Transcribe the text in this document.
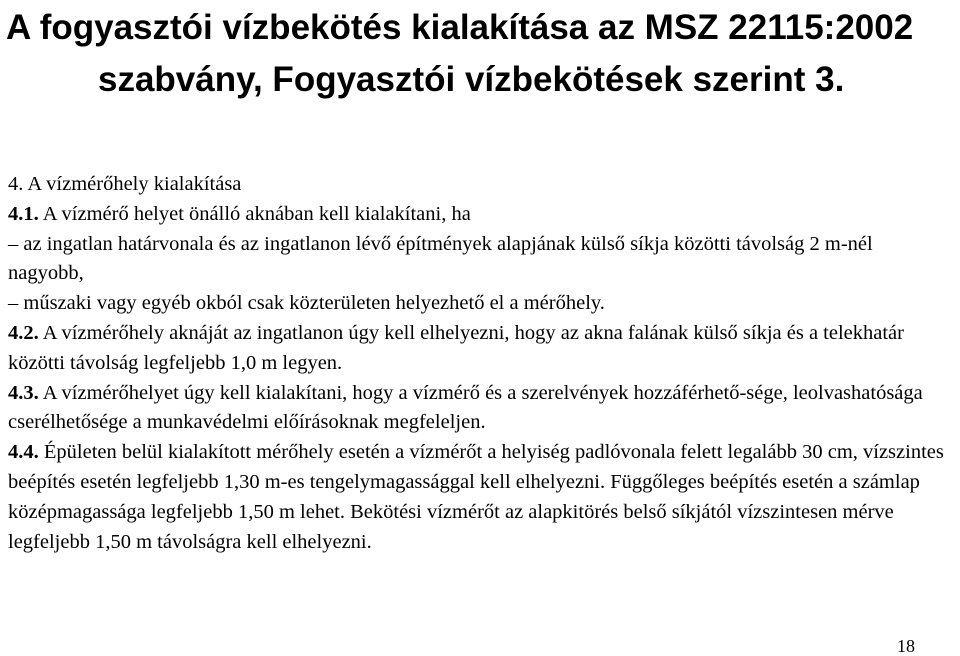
A fogyasztói vízbekötés kialakítása az MSZ 22115:2002
szabvány, Fogyasztói vízbekötések szerint 3.

4. A vízmérőhely kialakítása

4.1. A vízmérő helyet önálló aknában kell kialakítani, ha

– az ingatlan határvonala és az ingatlanon lévő építmények alapjának külső síkja közötti távolság 2 m-nél nagyobb,

– műszaki vagy egyéb okból csak közterületen helyezhető el a mérőhely.

4.2. A vízmérőhely aknáját az ingatlanon úgy kell elhelyezni, hogy az akna falának külső síkja és a telekhatár közötti távolság legfeljebb 1,0 m legyen.

4.3. A vízmérőhelyet úgy kell kialakítani, hogy a vízmérő és a szerelvények hozzáférhető-sége, leolvashatósága cserélhetősége a munkavédelmi előírásoknak megfeleljen.

4.4. Épületen belül kialakított mérőhely esetén a vízmérőt a helyiség padlóvonala felett legalább 30 cm, vízszintes beépítés esetén legfeljebb 1,30 m-es tengelymagassággal kell elhelyezni. Függőleges beépítés esetén a számlap középmagassága legfeljebb 1,50 m lehet. Bekötési vízmérőt az alapkitörés belső síkjától vízszintesen mérve legfeljebb 1,50 m távolságra kell elhelyezni.

18
